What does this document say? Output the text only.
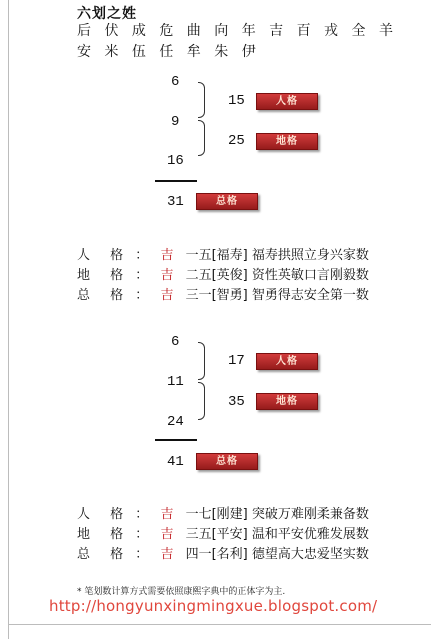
六划之姓
后 伏 成 危 曲 向 年 吉 百 戎 全 羊 安 米 伍 任 牟 朱 伊
6
9
16
15	人格
25	地格
31	总格
人 格 ： 吉 一五[福寿] 福寿拱照立身兴家数
地 格 ： 吉 二五[英俊] 资性英敏口言刚毅数
总 格 ： 吉 三一[智勇] 智勇得志安全第一数
6
11
24
17	人格
35	地格
41	总格
人 格 ： 吉 一七[刚建] 突破万难刚柔兼备数
地 格 ： 吉 三五[平安] 温和平安优雅发展数
总 格 ： 吉 四一[名利] 德望高大忠爱坚实数
* 笔划数计算方式需要依照康熙字典中的正体字为主.
http://hongyunxingmingxue.blogspot.com/
